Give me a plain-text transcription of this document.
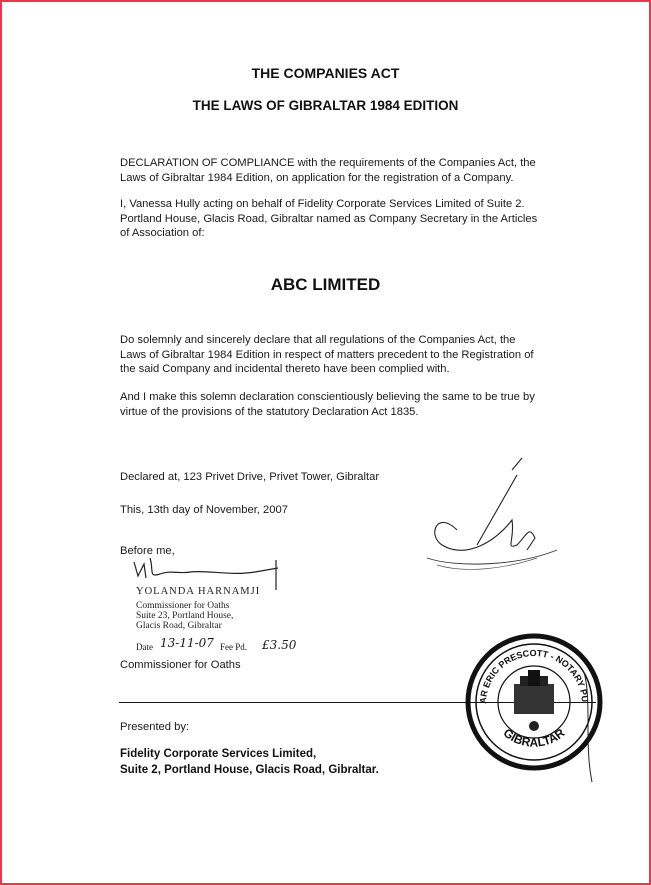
THE COMPANIES ACT
THE LAWS OF GIBRALTAR 1984 EDITION
DECLARATION OF COMPLIANCE with the requirements of the Companies Act, the
Laws of Gibraltar 1984 Edition, on application for the registration of a Company.
I, Vanessa Hully acting on behalf of Fidelity Corporate Services Limited of Suite 2.
Portland House, Glacis Road, Gibraltar named as Company Secretary in the Articles
of Association of:
ABC LIMITED
Do solemnly and sincerely declare that all regulations of the Companies Act, the
Laws of Gibraltar 1984 Edition in respect of matters precedent to the Registration of
the said Company and incidental thereto have been complied with.
And I make this solemn declaration conscientiously believing the same to be true by
virtue of the provisions of the statutory Declaration Act 1835.
Declared at, 123 Privet Drive, Privet Tower, Gibraltar
This, 13th day of November, 2007
Before me,
YOLANDA HARNAMJI
Commissioner for Oaths
Suite 23, Portland House,
Glacis Road, Gibraltar
Date 13-11-07 Fee Pd. £3.50
Commissioner for Oaths
OSCAR ERIC PRESCOTT - NOTARY PUBLIC
GIBRALTAR
Presented by:
Fidelity Corporate Services Limited,
Suite 2, Portland House, Glacis Road, Gibraltar.
